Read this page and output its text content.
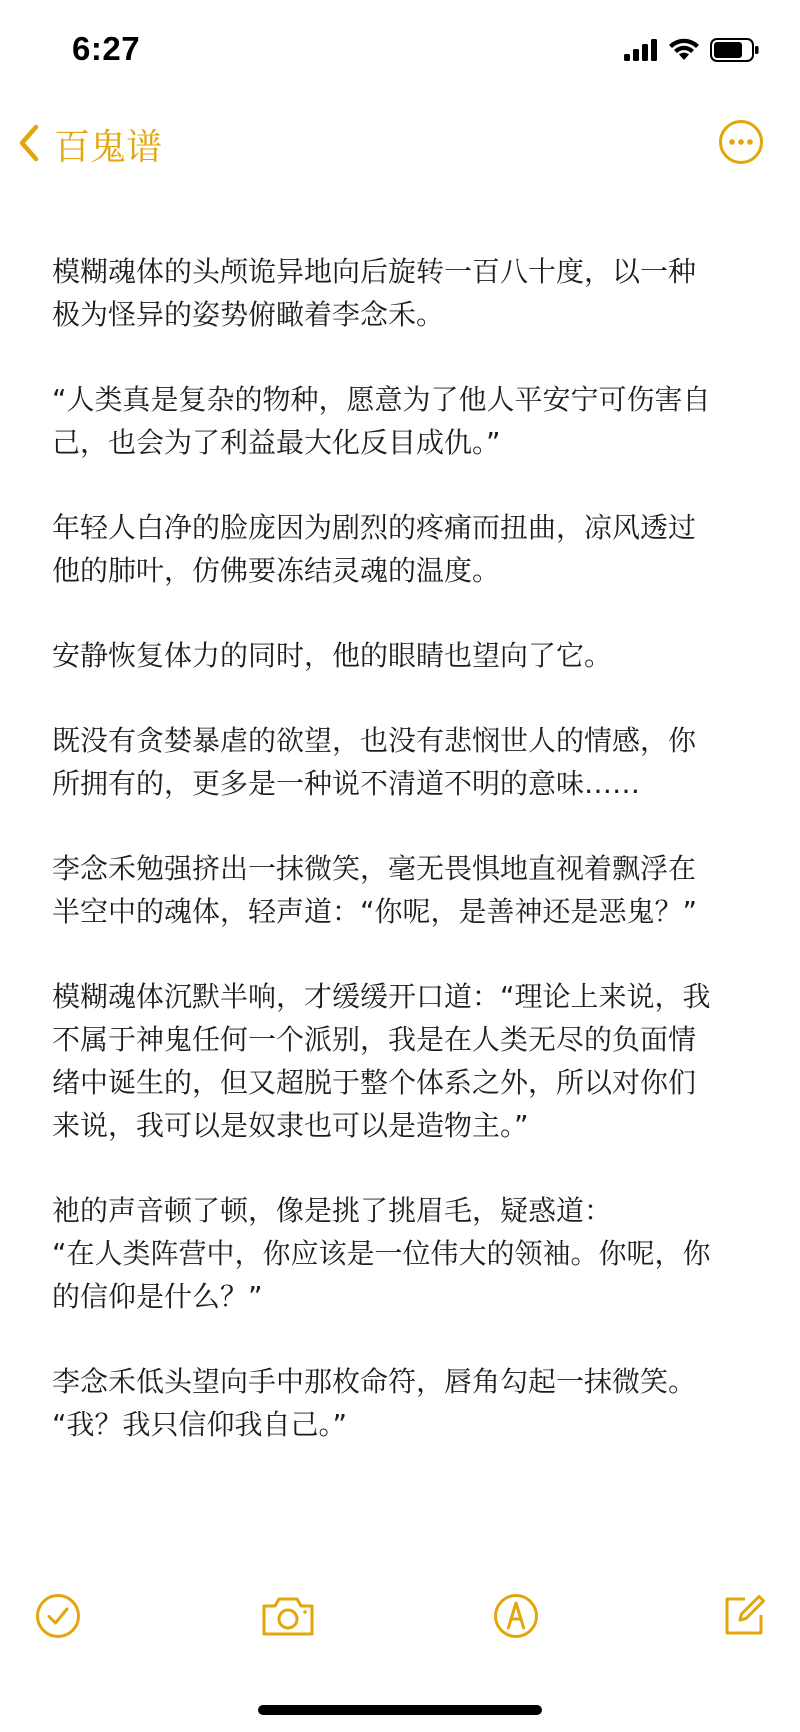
6:27
百鬼谱

模糊魂体的头颅诡异地向后旋转一百八十度，以一种
极为怪异的姿势俯瞰着李念禾。

“人类真是复杂的物种，愿意为了他人平安宁可伤害自
己，也会为了利益最大化反目成仇。”

年轻人白净的脸庞因为剧烈的疼痛而扭曲，凉风透过
他的肺叶，仿佛要冻结灵魂的温度。

安静恢复体力的同时，他的眼睛也望向了它。

既没有贪婪暴虐的欲望，也没有悲悯世人的情感，你
所拥有的，更多是一种说不清道不明的意味……

李念禾勉强挤出一抹微笑，毫无畏惧地直视着飘浮在
半空中的魂体，轻声道：“你呢，是善神还是恶鬼？”

模糊魂体沉默半响，才缓缓开口道：“理论上来说，我
不属于神鬼任何一个派别，我是在人类无尽的负面情
绪中诞生的，但又超脱于整个体系之外，所以对你们
来说，我可以是奴隶也可以是造物主。”

祂的声音顿了顿，像是挑了挑眉毛，疑惑道：
“在人类阵营中，你应该是一位伟大的领袖。你呢，你
的信仰是什么？”

李念禾低头望向手中那枚命符，唇角勾起一抹微笑。
“我？我只信仰我自己。”
